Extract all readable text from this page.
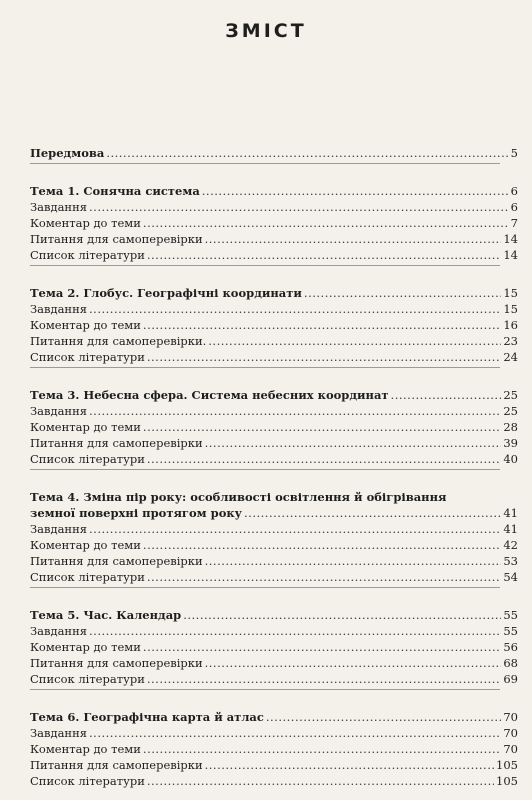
ЗМІСТ
Передмова .....	5
Тема 1. Сонячна система .....	6
Завдання .....	6
Коментар до теми .....	7
Питання для самоперевірки .....	14
Список літератури .....	14
Тема 2. Глобус. Географічні координати .....	15
Завдання .....	15
Коментар до теми .....	16
Питання для самоперевірки. .....	23
Список літератури .....	24
Тема 3. Небесна сфера. Система небесних координат .....	25
Завдання .....	25
Коментар до теми .....	28
Питання для самоперевірки .....	39
Список літератури .....	40
Тема 4. Зміна пір року: особливості освітлення й обігрівання
земної поверхні протягом року .....	41
Завдання .....	41
Коментар до теми .....	42
Питання для самоперевірки .....	53
Список літератури .....	54
Тема 5. Час. Календар .....	55
Завдання .....	55
Коментар до теми .....	56
Питання для самоперевірки .....	68
Список літератури .....	69
Тема 6. Географічна карта й атлас .....	70
Завдання .....	70
Коментар до теми .....	70
Питання для самоперевірки .....	105
Список літератури .....	105
